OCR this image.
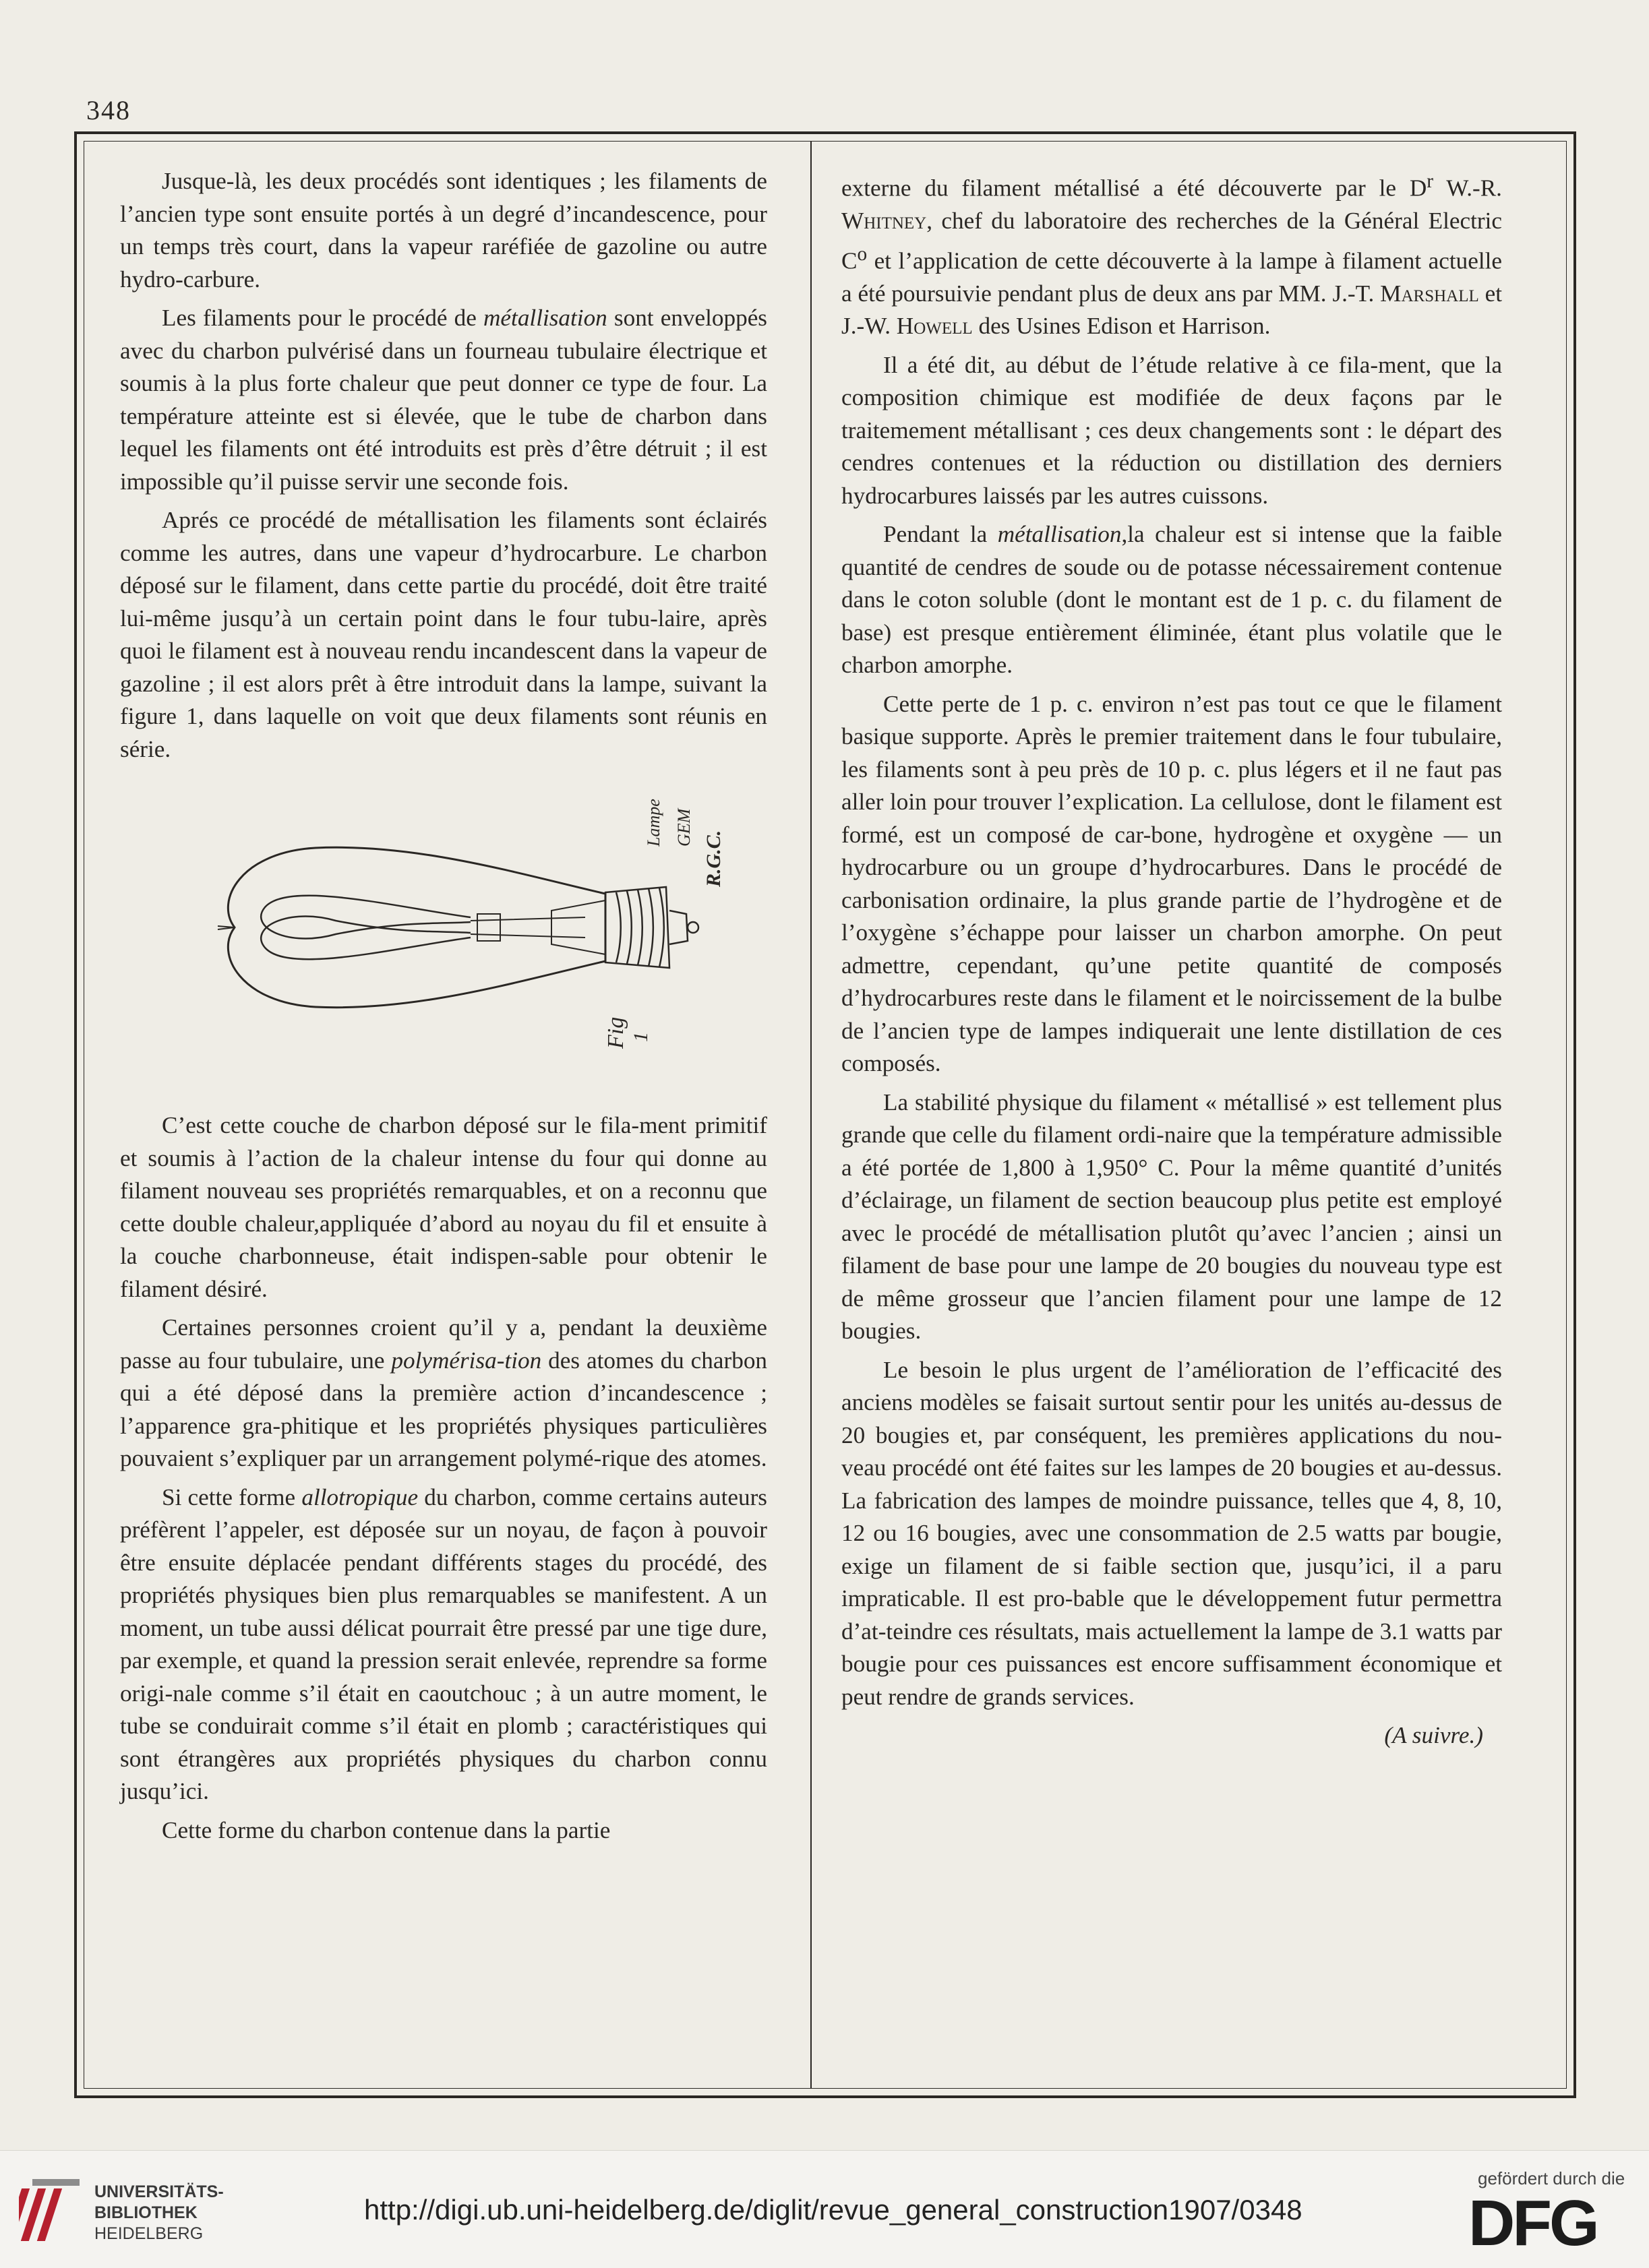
348

Jusque-là, les deux procédés sont identiques ; les filaments de l’ancien type sont ensuite portés à un degré d’incandescence, pour un temps très court, dans la vapeur raréfiée de gazoline ou autre hydro-carbure.

Les filaments pour le procédé de métallisation sont enveloppés avec du charbon pulvérisé dans un fourneau tubulaire électrique et soumis à la plus forte chaleur que peut donner ce type de four. La température atteinte est si élevée, que le tube de charbon dans lequel les filaments ont été introduits est près d’être détruit ; il est impossible qu’il puisse servir une seconde fois.

Aprés ce procédé de métallisation les filaments sont éclairés comme les autres, dans une vapeur d’hydrocarbure. Le charbon déposé sur le filament, dans cette partie du procédé, doit être traité lui-même jusqu’à un certain point dans le four tubu-laire, après quoi le filament est à nouveau rendu incandescent dans la vapeur de gazoline ; il est alors prêt à être introduit dans la lampe, suivant la figure 1, dans laquelle on voit que deux filaments sont réunis en série.

Lampe GEM
R.G.C.
Fig 1

C’est cette couche de charbon déposé sur le fila-ment primitif et soumis à l’action de la chaleur intense du four qui donne au filament nouveau ses propriétés remarquables, et on a reconnu que cette double chaleur,appliquée d’abord au noyau du fil et ensuite à la couche charbonneuse, était indispen-sable pour obtenir le filament désiré.

Certaines personnes croient qu’il y a, pendant la deuxième passe au four tubulaire, une polymérisa-tion des atomes du charbon qui a été déposé dans la première action d’incandescence ; l’apparence gra-phitique et les propriétés physiques particulières pouvaient s’expliquer par un arrangement polymé-rique des atomes.

Si cette forme allotropique du charbon, comme certains auteurs préfèrent l’appeler, est déposée sur un noyau, de façon à pouvoir être ensuite déplacée pendant différents stages du procédé, des propriétés physiques bien plus remarquables se manifestent. A un moment, un tube aussi délicat pourrait être pressé par une tige dure, par exemple, et quand la pression serait enlevée, reprendre sa forme origi-nale comme s’il était en caoutchouc ; à un autre moment, le tube se conduirait comme s’il était en plomb ; caractéristiques qui sont étrangères aux propriétés physiques du charbon connu jusqu’ici.

Cette forme du charbon contenue dans la partie

externe du filament métallisé a été découverte par le $D^r$ W.-R. Whitney, chef du laboratoire des recherches de la Général Electric $C^o$ et l’application de cette découverte à la lampe à filament actuelle a été poursuivie pendant plus de deux ans par MM. J.-T. Marshall et J.-W. Howell des Usines Edison et Harrison.

Il a été dit, au début de l’étude relative à ce fila-ment, que la composition chimique est modifiée de deux façons par le traitemement métallisant ; ces deux changements sont : le départ des cendres contenues et la réduction ou distillation des derniers hydrocarbures laissés par les autres cuissons.

Pendant la métallisation,la chaleur est si intense que la faible quantité de cendres de soude ou de potasse nécessairement contenue dans le coton soluble (dont le montant est de 1 p. c. du filament de base) est presque entièrement éliminée, étant plus volatile que le charbon amorphe.

Cette perte de 1 p. c. environ n’est pas tout ce que le filament basique supporte. Après le premier traitement dans le four tubulaire, les filaments sont à peu près de 10 p. c. plus légers et il ne faut pas aller loin pour trouver l’explication. La cellulose, dont le filament est formé, est un composé de car-bone, hydrogène et oxygène — un hydrocarbure ou un groupe d’hydrocarbures. Dans le procédé de carbonisation ordinaire, la plus grande partie de l’hydrogène et de l’oxygène s’échappe pour laisser un charbon amorphe. On peut admettre, cependant, qu’une petite quantité de composés d’hydrocarbures reste dans le filament et le noircissement de la bulbe de l’ancien type de lampes indiquerait une lente distillation de ces composés.

La stabilité physique du filament « métallisé » est tellement plus grande que celle du filament ordi-naire que la température admissible a été portée de 1,800 à 1,950° C. Pour la même quantité d’unités d’éclairage, un filament de section beaucoup plus petite est employé avec le procédé de métallisation plutôt qu’avec l’ancien ; ainsi un filament de base pour une lampe de 20 bougies du nouveau type est de même grosseur que l’ancien filament pour une lampe de 12 bougies.

Le besoin le plus urgent de l’amélioration de l’efficacité des anciens modèles se faisait surtout sentir pour les unités au-dessus de 20 bougies et, par conséquent, les premières applications du nou-veau procédé ont été faites sur les lampes de 20 bougies et au-dessus. La fabrication des lampes de moindre puissance, telles que 4, 8, 10, 12 ou 16 bougies, avec une consommation de 2.5 watts par bougie, exige un filament de si faible section que, jusqu’ici, il a paru impraticable. Il est pro-bable que le développement futur permettra d’at-teindre ces résultats, mais actuellement la lampe de 3.1 watts par bougie pour ces puissances est encore suffisamment économique et peut rendre de grands services.

(A suivre.)
UNIVERSITÄTS-
BIBLIOTHEK
HEIDELBERG
http://digi.ub.uni-heidelberg.de/diglit/revue_general_construction1907/0348
gefördert durch die
DFG
